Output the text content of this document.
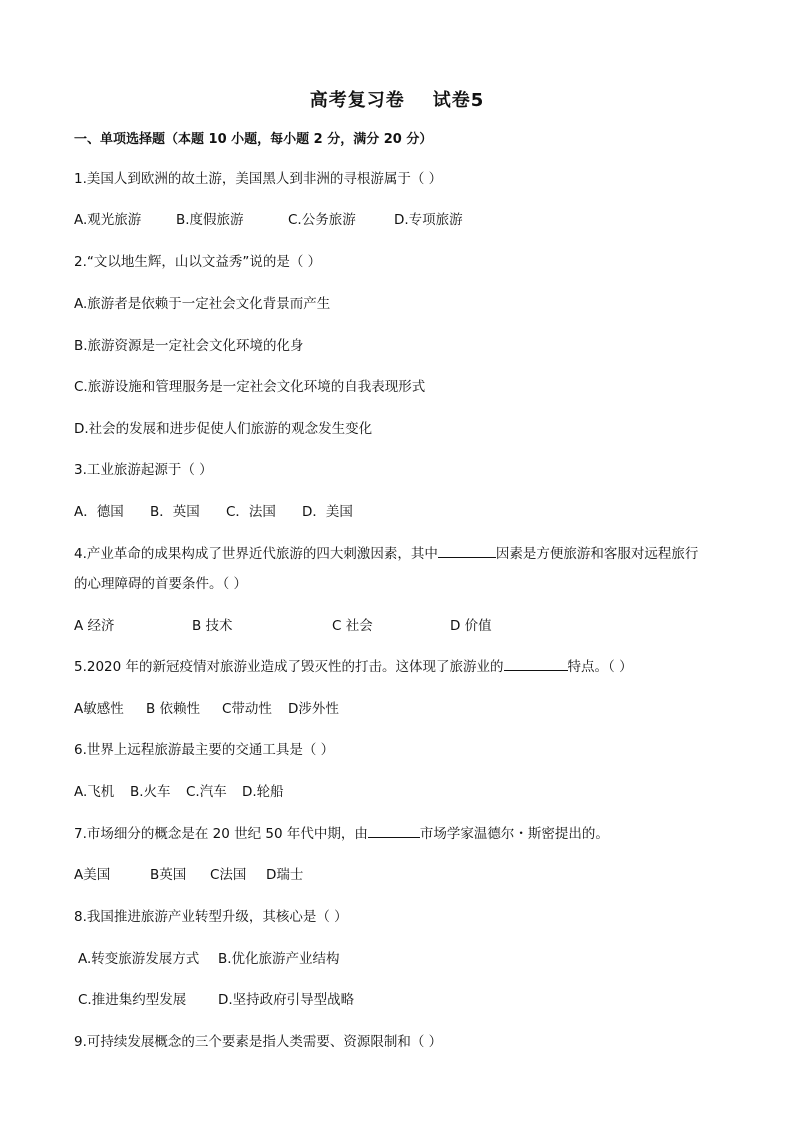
高考复习卷 试卷5
一、单项选择题（本题 10 小题，每小题 2 分，满分 20 分）
1.美国人到欧洲的故土游，美国黑人到非洲的寻根游属于（ ）
A.观光旅游	B.度假旅游	C.公务旅游	D.专项旅游
2.“文以地生辉，山以文益秀”说的是（ ）
A.旅游者是依赖于一定社会文化背景而产生
B.旅游资源是一定社会文化环境的化身
C.旅游设施和管理服务是一定社会文化环境的自我表现形式
D.社会的发展和进步促使人们旅游的观念发生变化
3.工业旅游起源于（ ）
A．德国 B．英国 C．法国 D．美国
4.产业革命的成果构成了世界近代旅游的四大刺激因素，其中	因素是方便旅游和客服对远程旅行
的心理障碍的首要条件。（ ）
A 经济	B 技术	C 社会	D 价值
5.2020 年的新冠疫情对旅游业造成了毁灭性的打击。这体现了旅游业的	特点。（ ）
A敏感性 B 依赖性 C带动性 D涉外性
6.世界上远程旅游最主要的交通工具是（ ）
A.飞机 B.火车 C.汽车 D.轮船
7.市场细分的概念是在 20 世纪 50 年代中期，由	市场学家温德尔・斯密提出的。
A美国	B英国 C法国 D瑞士
8.我国推进旅游产业转型升级，其核心是（ ）
A.转变旅游发展方式 B.优化旅游产业结构
C.推进集约型发展 D.坚持政府引导型战略
9.可持续发展概念的三个要素是指人类需要、资源限制和（ ）
